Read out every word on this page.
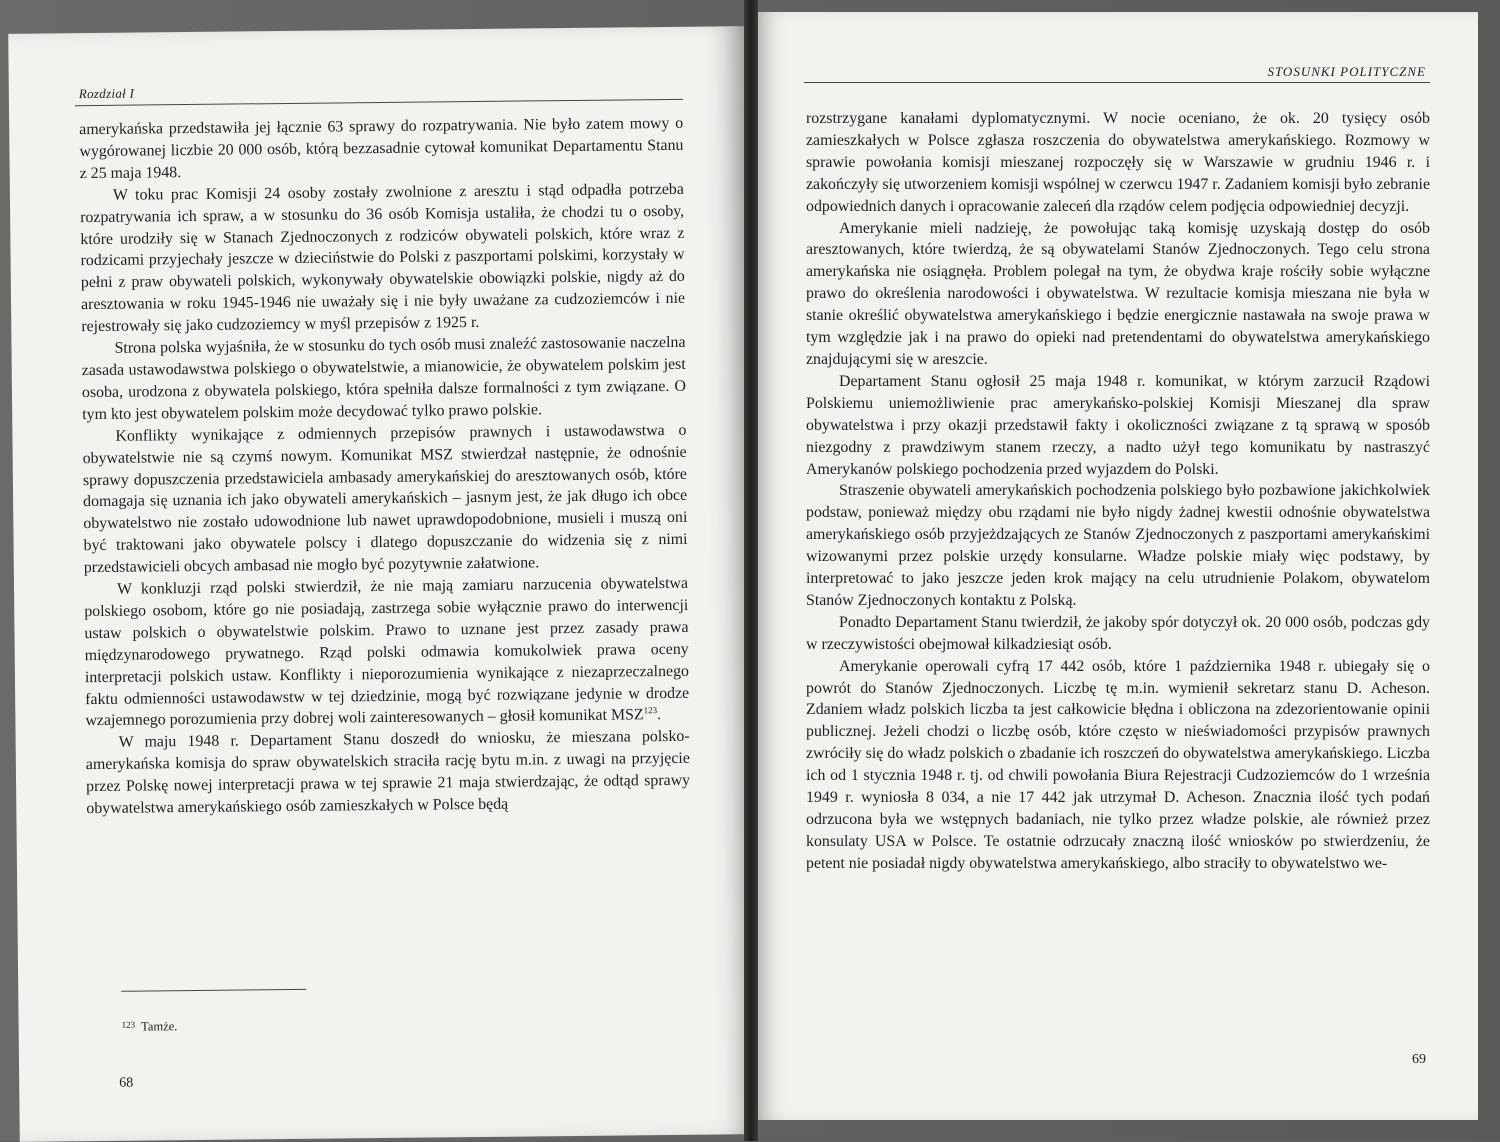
Rozdział I

amerykańska przedstawiła jej łącznie 63 sprawy do rozpatrywania. Nie było zatem mowy o wygórowanej liczbie 20 000 osób, którą bezzasadnie cytował komunikat Departamentu Stanu z 25 maja 1948.

W toku prac Komisji 24 osoby zostały zwolnione z aresztu i stąd odpadła potrzeba rozpatrywania ich spraw, a w stosunku do 36 osób Komisja ustaliła, że chodzi tu o osoby, które urodziły się w Stanach Zjednoczonych z rodziców obywateli polskich, które wraz z rodzicami przyjechały jeszcze w dzieciństwie do Polski z paszportami polskimi, korzystały w pełni z praw obywateli polskich, wykonywały obywatelskie obowiązki polskie, nigdy aż do aresztowania w roku 1945-1946 nie uważały się i nie były uważane za cudzoziemców i nie rejestrowały się jako cudzoziemcy w myśl przepisów z 1925 r.

Strona polska wyjaśniła, że w stosunku do tych osób musi znaleźć zastosowanie naczelna zasada ustawodawstwa polskiego o obywatelstwie, a mianowicie, że obywatelem polskim jest osoba, urodzona z obywatela polskiego, która spełniła dalsze formalności z tym związane. O tym kto jest obywatelem polskim może decydować tylko prawo polskie.

Konflikty wynikające z odmiennych przepisów prawnych i ustawodawstwa o obywatelstwie nie są czymś nowym. Komunikat MSZ stwierdzał następnie, że odnośnie sprawy dopuszczenia przedstawiciela ambasady amerykańskiej do aresztowanych osób, które domagaja się uznania ich jako obywateli amerykańskich – jasnym jest, że jak długo ich obce obywatelstwo nie zostało udowodnione lub nawet uprawdopodobnione, musieli i muszą oni być traktowani jako obywatele polscy i dlatego dopuszczanie do widzenia się z nimi przedstawicieli obcych ambasad nie mogło być pozytywnie załatwione.

W konkluzji rząd polski stwierdził, że nie mają zamiaru narzucenia obywatelstwa polskiego osobom, które go nie posiadają, zastrzega sobie wyłącznie prawo do interwencji ustaw polskich o obywatelstwie polskim. Prawo to uznane jest przez zasady prawa międzynarodowego prywatnego. Rząd polski odmawia komukolwiek prawa oceny interpretacji polskich ustaw. Konflikty i nieporozumienia wynikające z niezaprzeczalnego faktu odmienności ustawodawstw w tej dziedzinie, mogą być rozwiązane jedynie w drodze wzajemnego porozumienia przy dobrej woli zainteresowanych – głosił komunikat MSZ$^{123}$.

W maju 1948 r. Departament Stanu doszedł do wniosku, że mieszana polsko-amerykańska komisja do spraw obywatelskich straciła rację bytu m.in. z uwagi na przyjęcie przez Polskę nowej interpretacji prawa w tej sprawie 21 maja stwierdzając, że odtąd sprawy obywatelstwa amerykańskiego osób zamieszkałych w Polsce będą

$^{123}$ Tamże.
68
STOSUNKI POLITYCZNE

rozstrzygane kanałami dyplomatycznymi. W nocie oceniano, że ok. 20 tysięcy osób zamieszkałych w Polsce zgłasza roszczenia do obywatelstwa amerykańskiego. Rozmowy w sprawie powołania komisji mieszanej rozpoczęły się w Warszawie w grudniu 1946 r. i zakończyły się utworzeniem komisji wspólnej w czerwcu 1947 r. Zadaniem komisji było zebranie odpowiednich danych i opracowanie zaleceń dla rządów celem podjęcia odpowiedniej decyzji.

Amerykanie mieli nadzieję, że powołując taką komisję uzyskają dostęp do osób aresztowanych, które twierdzą, że są obywatelami Stanów Zjednoczonych. Tego celu strona amerykańska nie osiągnęła. Problem polegał na tym, że obydwa kraje rościły sobie wyłączne prawo do określenia narodowości i obywatelstwa. W rezultacie komisja mieszana nie była w stanie określić obywatelstwa amerykańskiego i będzie energicznie nastawała na swoje prawa w tym względzie jak i na prawo do opieki nad pretendentami do obywatelstwa amerykańskiego znajdującymi się w areszcie.

Departament Stanu ogłosił 25 maja 1948 r. komunikat, w którym zarzucił Rządowi Polskiemu uniemożliwienie prac amerykańsko-polskiej Komisji Mieszanej dla spraw obywatelstwa i przy okazji przedstawił fakty i okoliczności związane z tą sprawą w sposób niezgodny z prawdziwym stanem rzeczy, a nadto użył tego komunikatu by nastraszyć Amerykanów polskiego pochodzenia przed wyjazdem do Polski.

Straszenie obywateli amerykańskich pochodzenia polskiego było pozbawione jakichkolwiek podstaw, ponieważ między obu rządami nie było nigdy żadnej kwestii odnośnie obywatelstwa amerykańskiego osób przyjeżdzających ze Stanów Zjednoczonych z paszportami amerykańskimi wizowanymi przez polskie urzędy konsularne. Władze polskie miały więc podstawy, by interpretować to jako jeszcze jeden krok mający na celu utrudnienie Polakom, obywatelom Stanów Zjednoczonych kontaktu z Polską.

Ponadto Departament Stanu twierdził, że jakoby spór dotyczył ok. 20 000 osób, podczas gdy w rzeczywistości obejmował kilkadziesiąt osób.

Amerykanie operowali cyfrą 17 442 osób, które 1 października 1948 r. ubiegały się o powrót do Stanów Zjednoczonych. Liczbę tę m.in. wymienił sekretarz stanu D. Acheson. Zdaniem władz polskich liczba ta jest całkowicie błędna i obliczona na zdezorientowanie opinii publicznej. Jeżeli chodzi o liczbę osób, które często w nieświadomości przypisów prawnych zwróciły się do władz polskich o zbadanie ich roszczeń do obywatelstwa amerykańskiego. Liczba ich od 1 stycznia 1948 r. tj. od chwili powołania Biura Rejestracji Cudzoziemców do 1 września 1949 r. wyniosła 8 034, a nie 17 442 jak utrzymał D. Acheson. Znacznia ilość tych podań odrzucona była we wstępnych badaniach, nie tylko przez władze polskie, ale również przez konsulaty USA w Polsce. Te ostatnie odrzucały znaczną ilość wniosków po stwierdzeniu, że petent nie posiadał nigdy obywatelstwa amerykańskiego, albo straciły to obywatelstwo we-

69
